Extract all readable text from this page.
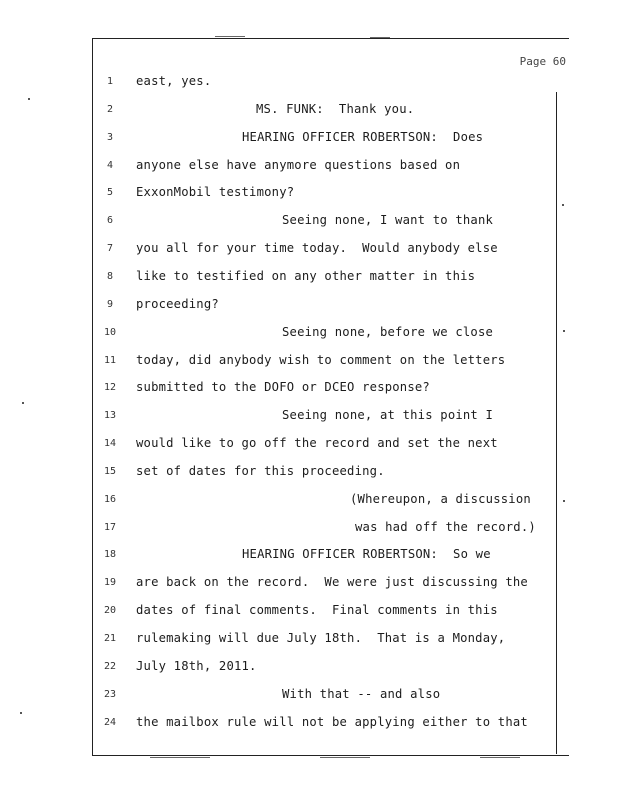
Page 60
1	east, yes.
2	MS. FUNK:  Thank you.
3	HEARING OFFICER ROBERTSON:  Does
4	anyone else have anymore questions based on
5	ExxonMobil testimony?
6	Seeing none, I want to thank
7	you all for your time today.  Would anybody else
8	like to testified on any other matter in this
9	proceeding?
10	Seeing none, before we close
11	today, did anybody wish to comment on the letters
12	submitted to the DOFO or DCEO response?
13	Seeing none, at this point I
14	would like to go off the record and set the next
15	set of dates for this proceeding.
16	(Whereupon, a discussion
17	was had off the record.)
18	HEARING OFFICER ROBERTSON:  So we
19	are back on the record.  We were just discussing the
20	dates of final comments.  Final comments in this
21	rulemaking will due July 18th.  That is a Monday,
22	July 18th, 2011.
23	With that -- and also
24	the mailbox rule will not be applying either to that
